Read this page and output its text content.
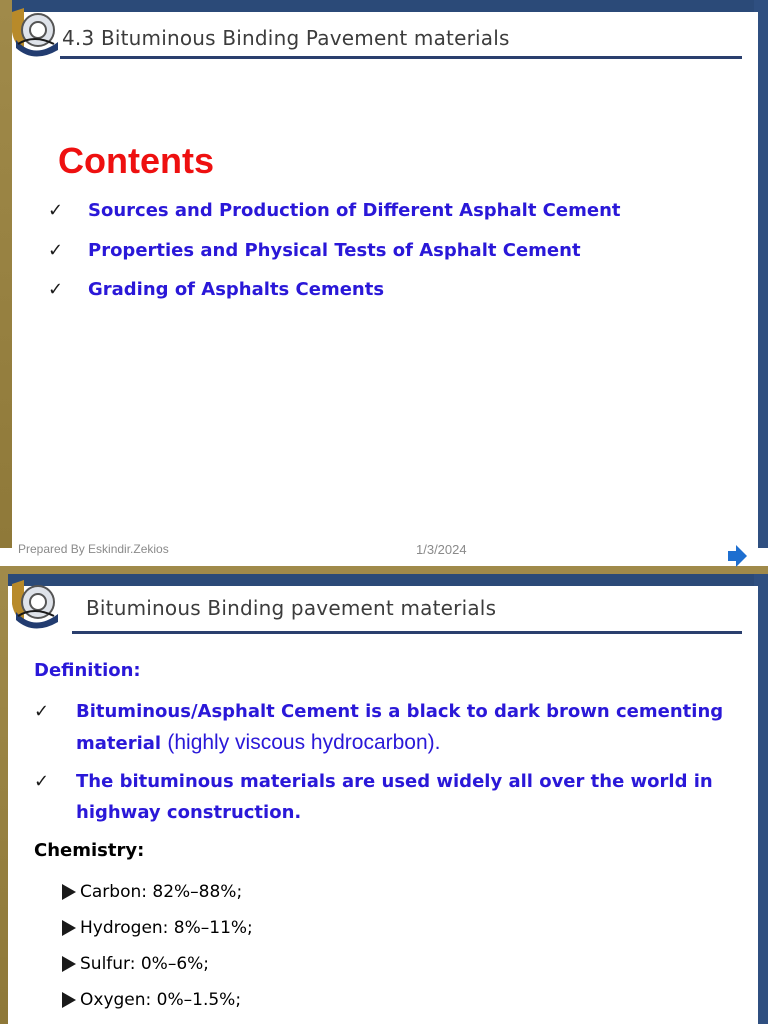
4.3 Bituminous Binding Pavement materials
Contents
✓	Sources and Production of Different Asphalt Cement
✓	Properties and Physical Tests of Asphalt Cement
✓	Grading of Asphalts Cements
Prepared By Eskindir.Zekios	1/3/2024
Bituminous Binding pavement materials
Definition:
✓	Bituminous/Asphalt Cement is a black to dark brown cementing material (highly viscous hydrocarbon).
✓	The bituminous materials are used widely all over the world in highway construction.
Chemistry:
Carbon: 82%–88%;
Hydrogen: 8%–11%;
Sulfur: 0%–6%;
Oxygen: 0%–1.5%;
